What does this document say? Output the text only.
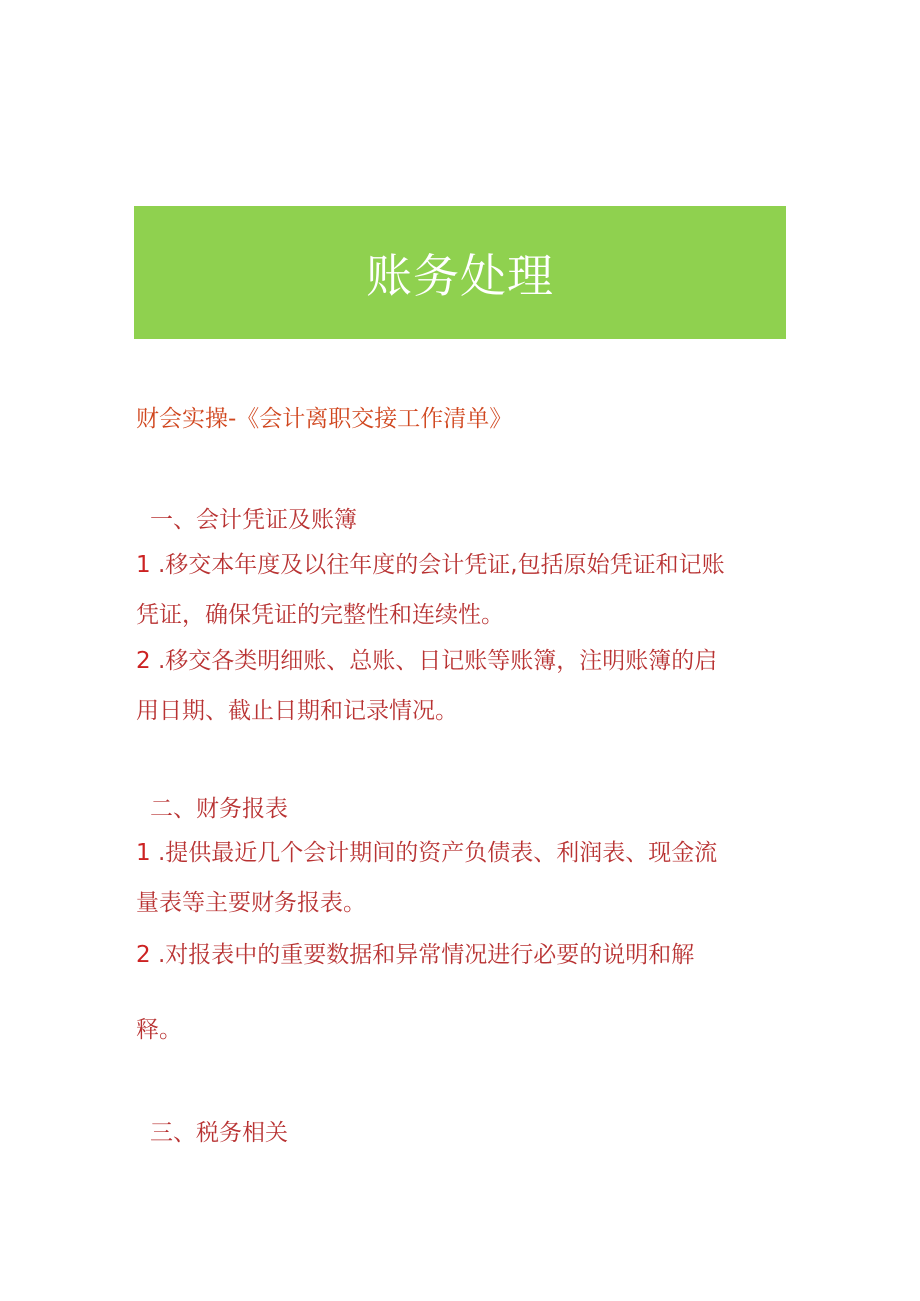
账务处理
财会实操-《会计离职交接工作清单》
一、会计凭证及账簿

1 .移交本年度及以往年度的会计凭证,包括原始凭证和记账
凭证，确保凭证的完整性和连续性。

2 .移交各类明细账、总账、日记账等账簿，注明账簿的启
用日期、截止日期和记录情况。

二、财务报表

1 .提供最近几个会计期间的资产负债表、利润表、现金流
量表等主要财务报表。

2 .对报表中的重要数据和异常情况进行必要的说明和解
释。

三、税务相关
